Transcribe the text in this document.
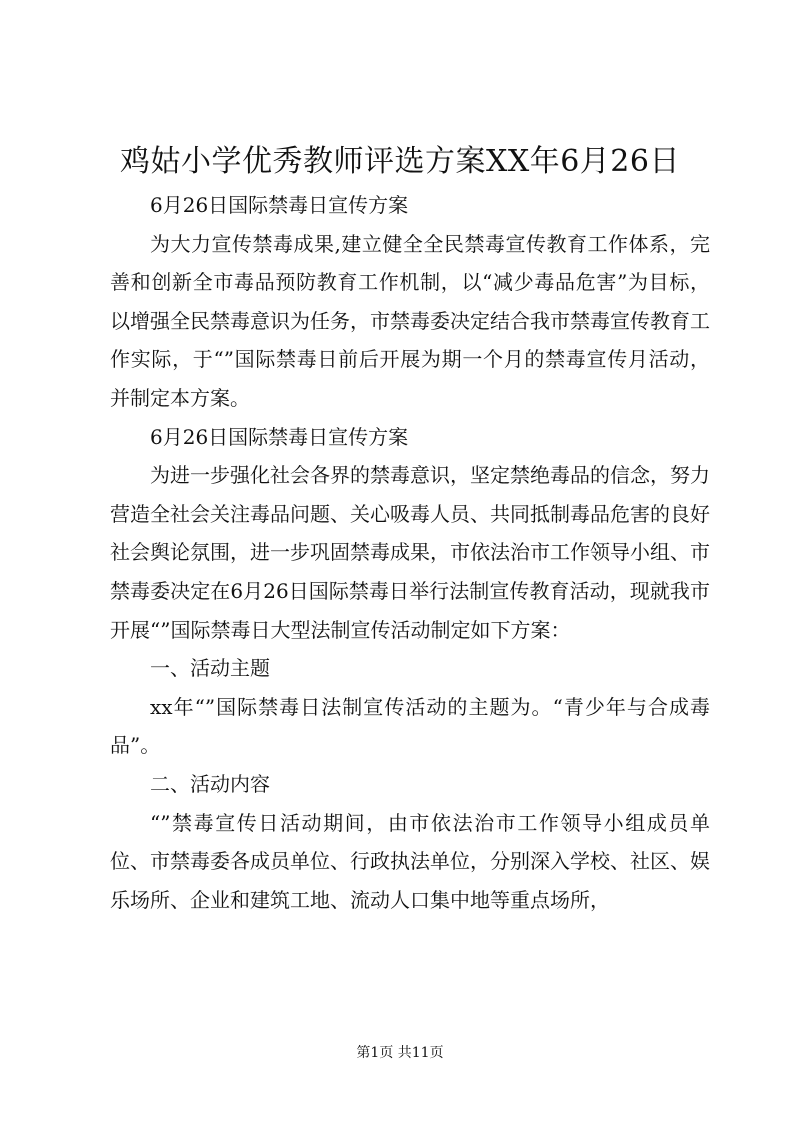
鸡姑小学优秀教师评选方案XX年6月26日

6月26日国际禁毒日宣传方案

为大力宣传禁毒成果,建立健全全民禁毒宣传教育工作体系，完善和创新全市毒品预防教育工作机制，以“减少毒品危害”为目标，以增强全民禁毒意识为任务，市禁毒委决定结合我市禁毒宣传教育工作实际，于“”国际禁毒日前后开展为期一个月的禁毒宣传月活动，并制定本方案。

6月26日国际禁毒日宣传方案

为进一步强化社会各界的禁毒意识，坚定禁绝毒品的信念，努力营造全社会关注毒品问题、关心吸毒人员、共同抵制毒品危害的良好社会舆论氛围，进一步巩固禁毒成果，市依法治市工作领导小组、市禁毒委决定在6月26日国际禁毒日举行法制宣传教育活动，现就我市开展“”国际禁毒日大型法制宣传活动制定如下方案：

一、活动主题

xx年“”国际禁毒日法制宣传活动的主题为。“青少年与合成毒品”。

二、活动内容

“”禁毒宣传日活动期间，由市依法治市工作领导小组成员单位、市禁毒委各成员单位、行政执法单位，分别深入学校、社区、娱乐场所、企业和建筑工地、流动人口集中地等重点场所，

第1页 共11页
